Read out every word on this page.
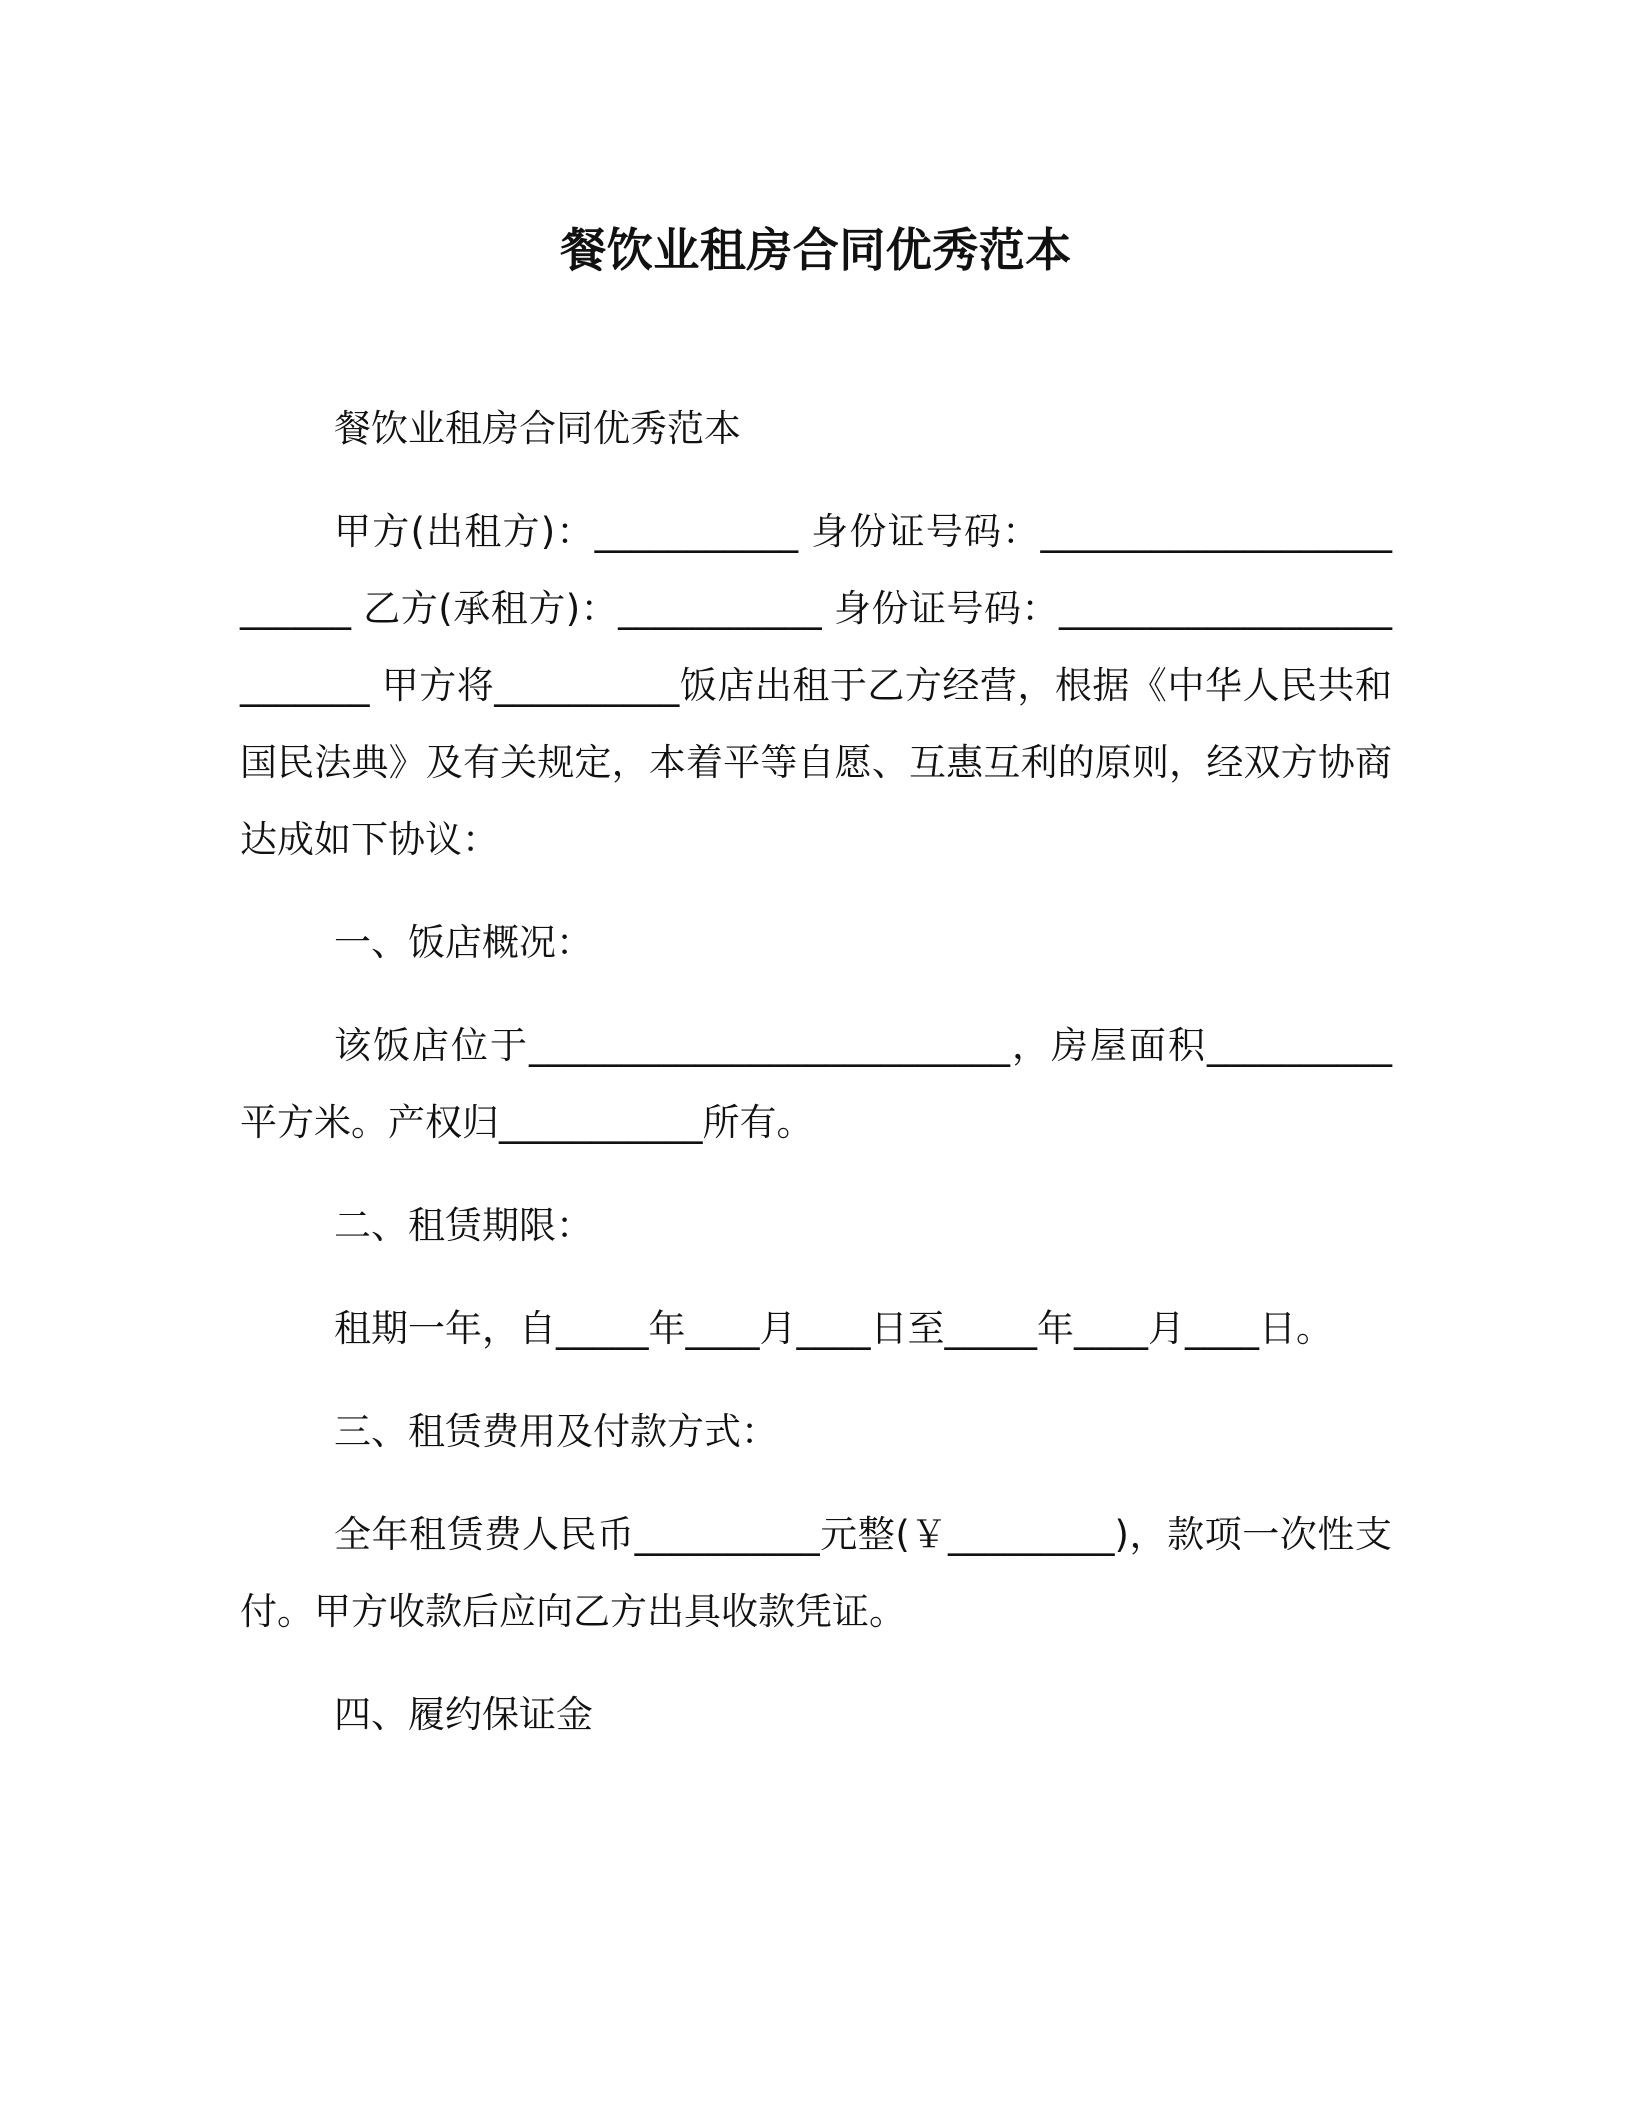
餐饮业租房合同优秀范本

餐饮业租房合同优秀范本

甲方(出租方)：___________ 身份证号码：_________________________ 乙方(承租方)：___________ 身份证号码：_________________________ 甲方将__________饭店出租于乙方经营，根据《中华人民共和国民法典》及有关规定，本着平等自愿、互惠互利的原则，经双方协商达成如下协议：

一、饭店概况：

该饭店位于__________________________，房屋面积__________平方米。产权归___________所有。

二、租赁期限：

租期一年，自_____年____月____日至_____年____月____日。

三、租赁费用及付款方式：

全年租赁费人民币__________元整(￥_________)，款项一次性支付。甲方收款后应向乙方出具收款凭证。

四、履约保证金
